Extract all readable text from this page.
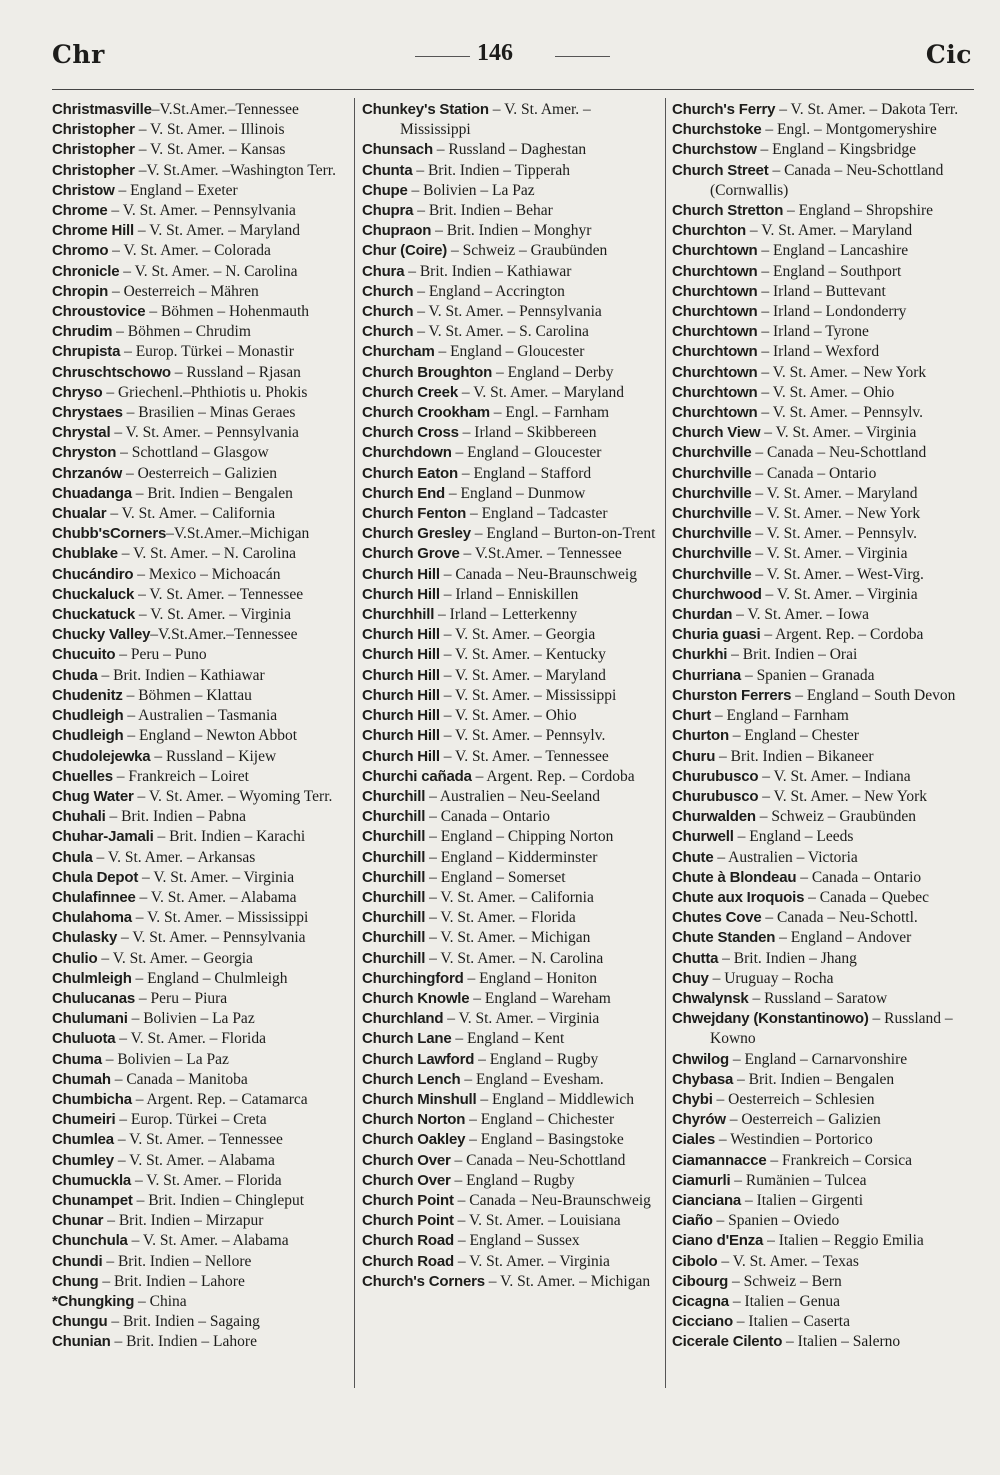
Chr	146	Cic
Christmasville–V.St.Amer.–Tennessee
Christopher – V. St. Amer. – Illinois
Christopher – V. St. Amer. – Kansas
Christopher –V. St.Amer. –Washington Terr.
Christow – England – Exeter
Chrome – V. St. Amer. – Pennsylvania
Chrome Hill – V. St. Amer. – Maryland
Chromo – V. St. Amer. – Colorada
Chronicle – V. St. Amer. – N. Carolina
Chropin – Oesterreich – Mähren
Chroustovice – Böhmen – Hohenmauth
Chrudim – Böhmen – Chrudim
Chrupista – Europ. Türkei – Monastir
Chruschtschowo – Russland – Rjasan
Chryso – Griechenl.–Phthiotis u. Phokis
Chrystaes – Brasilien – Minas Geraes
Chrystal – V. St. Amer. – Pennsylvania
Chryston – Schottland – Glasgow
Chrzanów – Oesterreich – Galizien
Chuadanga – Brit. Indien – Bengalen
Chualar – V. St. Amer. – California
Chubb'sCorners–V.St.Amer.–Michigan
Chublake – V. St. Amer. – N. Carolina
Chucándiro – Mexico – Michoacán
Chuckaluck – V. St. Amer. – Tennessee
Chuckatuck – V. St. Amer. – Virginia
Chucky Valley–V.St.Amer.–Tennessee
Chucuito – Peru – Puno
Chuda – Brit. Indien – Kathiawar
Chudenitz – Böhmen – Klattau
Chudleigh – Australien – Tasmania
Chudleigh – England – Newton Abbot
Chudolejewka – Russland – Kijew
Chuelles – Frankreich – Loiret
Chug Water – V. St. Amer. – Wyoming Terr.
Chuhali – Brit. Indien – Pabna
Chuhar-Jamali – Brit. Indien – Karachi
Chula – V. St. Amer. – Arkansas
Chula Depot – V. St. Amer. – Virginia
Chulafinnee – V. St. Amer. – Alabama
Chulahoma – V. St. Amer. – Mississippi
Chulasky – V. St. Amer. – Pennsylvania
Chulio – V. St. Amer. – Georgia
Chulmleigh – England – Chulmleigh
Chulucanas – Peru – Piura
Chulumani – Bolivien – La Paz
Chuluota – V. St. Amer. – Florida
Chuma – Bolivien – La Paz
Chumah – Canada – Manitoba
Chumbicha – Argent. Rep. – Catamarca
Chumeiri – Europ. Türkei – Creta
Chumlea – V. St. Amer. – Tennessee
Chumley – V. St. Amer. – Alabama
Chumuckla – V. St. Amer. – Florida
Chunampet – Brit. Indien – Chingleput
Chunar – Brit. Indien – Mirzapur
Chunchula – V. St. Amer. – Alabama
Chundi – Brit. Indien – Nellore
Chung – Brit. Indien – Lahore
*Chungking – China
Chungu – Brit. Indien – Sagaing
Chunian – Brit. Indien – Lahore
Chunkey's Station – V. St. Amer. – Mississippi
Chunsach – Russland – Daghestan
Chunta – Brit. Indien – Tipperah
Chupe – Bolivien – La Paz
Chupra – Brit. Indien – Behar
Chupraon – Brit. Indien – Monghyr
Chur (Coire) – Schweiz – Graubünden
Chura – Brit. Indien – Kathiawar
Church – England – Accrington
Church – V. St. Amer. – Pennsylvania
Church – V. St. Amer. – S. Carolina
Churcham – England – Gloucester
Church Broughton – England – Derby
Church Creek – V. St. Amer. – Maryland
Church Crookham – Engl. – Farnham
Church Cross – Irland – Skibbereen
Churchdown – England – Gloucester
Church Eaton – England – Stafford
Church End – England – Dunmow
Church Fenton – England – Tadcaster
Church Gresley – England – Burton-on-Trent
Church Grove – V.St.Amer. – Tennessee
Church Hill – Canada – Neu-Braunschweig
Church Hill – Irland – Enniskillen
Churchhill – Irland – Letterkenny
Church Hill – V. St. Amer. – Georgia
Church Hill – V. St. Amer. – Kentucky
Church Hill – V. St. Amer. – Maryland
Church Hill – V. St. Amer. – Mississippi
Church Hill – V. St. Amer. – Ohio
Church Hill – V. St. Amer. – Pennsylv.
Church Hill – V. St. Amer. – Tennessee
Churchi cañada – Argent. Rep. – Cordoba
Churchill – Australien – Neu-Seeland
Churchill – Canada – Ontario
Churchill – England – Chipping Norton
Churchill – England – Kidderminster
Churchill – England – Somerset
Churchill – V. St. Amer. – California
Churchill – V. St. Amer. – Florida
Churchill – V. St. Amer. – Michigan
Churchill – V. St. Amer. – N. Carolina
Churchingford – England – Honiton
Church Knowle – England – Wareham
Churchland – V. St. Amer. – Virginia
Church Lane – England – Kent
Church Lawford – England – Rugby
Church Lench – England – Evesham.
Church Minshull – England – Middlewich
Church Norton – England – Chichester
Church Oakley – England – Basingstoke
Church Over – Canada – Neu-Schottland
Church Over – England – Rugby
Church Point – Canada – Neu-Braunschweig
Church Point – V. St. Amer. – Louisiana
Church Road – England – Sussex
Church Road – V. St. Amer. – Virginia
Church's Corners – V. St. Amer. – Michigan
Church's Ferry – V. St. Amer. – Dakota Terr.
Churchstoke – Engl. – Montgomeryshire
Churchstow – England – Kingsbridge
Church Street – Canada – Neu-Schottland (Cornwallis)
Church Stretton – England – Shropshire
Churchton – V. St. Amer. – Maryland
Churchtown – England – Lancashire
Churchtown – England – Southport
Churchtown – Irland – Buttevant
Churchtown – Irland – Londonderry
Churchtown – Irland – Tyrone
Churchtown – Irland – Wexford
Churchtown – V. St. Amer. – New York
Churchtown – V. St. Amer. – Ohio
Churchtown – V. St. Amer. – Pennsylv.
Church View – V. St. Amer. – Virginia
Churchville – Canada – Neu-Schottland
Churchville – Canada – Ontario
Churchville – V. St. Amer. – Maryland
Churchville – V. St. Amer. – New York
Churchville – V. St. Amer. – Pennsylv.
Churchville – V. St. Amer. – Virginia
Churchville – V. St. Amer. – West-Virg.
Churchwood – V. St. Amer. – Virginia
Churdan – V. St. Amer. – Iowa
Churia guasi – Argent. Rep. – Cordoba
Churkhi – Brit. Indien – Orai
Churriana – Spanien – Granada
Churston Ferrers – England – South Devon
Churt – England – Farnham
Churton – England – Chester
Churu – Brit. Indien – Bikaneer
Churubusco – V. St. Amer. – Indiana
Churubusco – V. St. Amer. – New York
Churwalden – Schweiz – Graubünden
Churwell – England – Leeds
Chute – Australien – Victoria
Chute à Blondeau – Canada – Ontario
Chute aux Iroquois – Canada – Quebec
Chutes Cove – Canada – Neu-Schottl.
Chute Standen – England – Andover
Chutta – Brit. Indien – Jhang
Chuy – Uruguay – Rocha
Chwalynsk – Russland – Saratow
Chwejdany (Konstantinowo) – Russland – Kowno
Chwilog – England – Carnarvonshire
Chybasa – Brit. Indien – Bengalen
Chybi – Oesterreich – Schlesien
Chyrów – Oesterreich – Galizien
Ciales – Westindien – Portorico
Ciamannacce – Frankreich – Corsica
Ciamurli – Rumänien – Tulcea
Cianciana – Italien – Girgenti
Ciaño – Spanien – Oviedo
Ciano d'Enza – Italien – Reggio Emilia
Cibolo – V. St. Amer. – Texas
Cibourg – Schweiz – Bern
Cicagna – Italien – Genua
Cicciano – Italien – Caserta
Cicerale Cilento – Italien – Salerno
